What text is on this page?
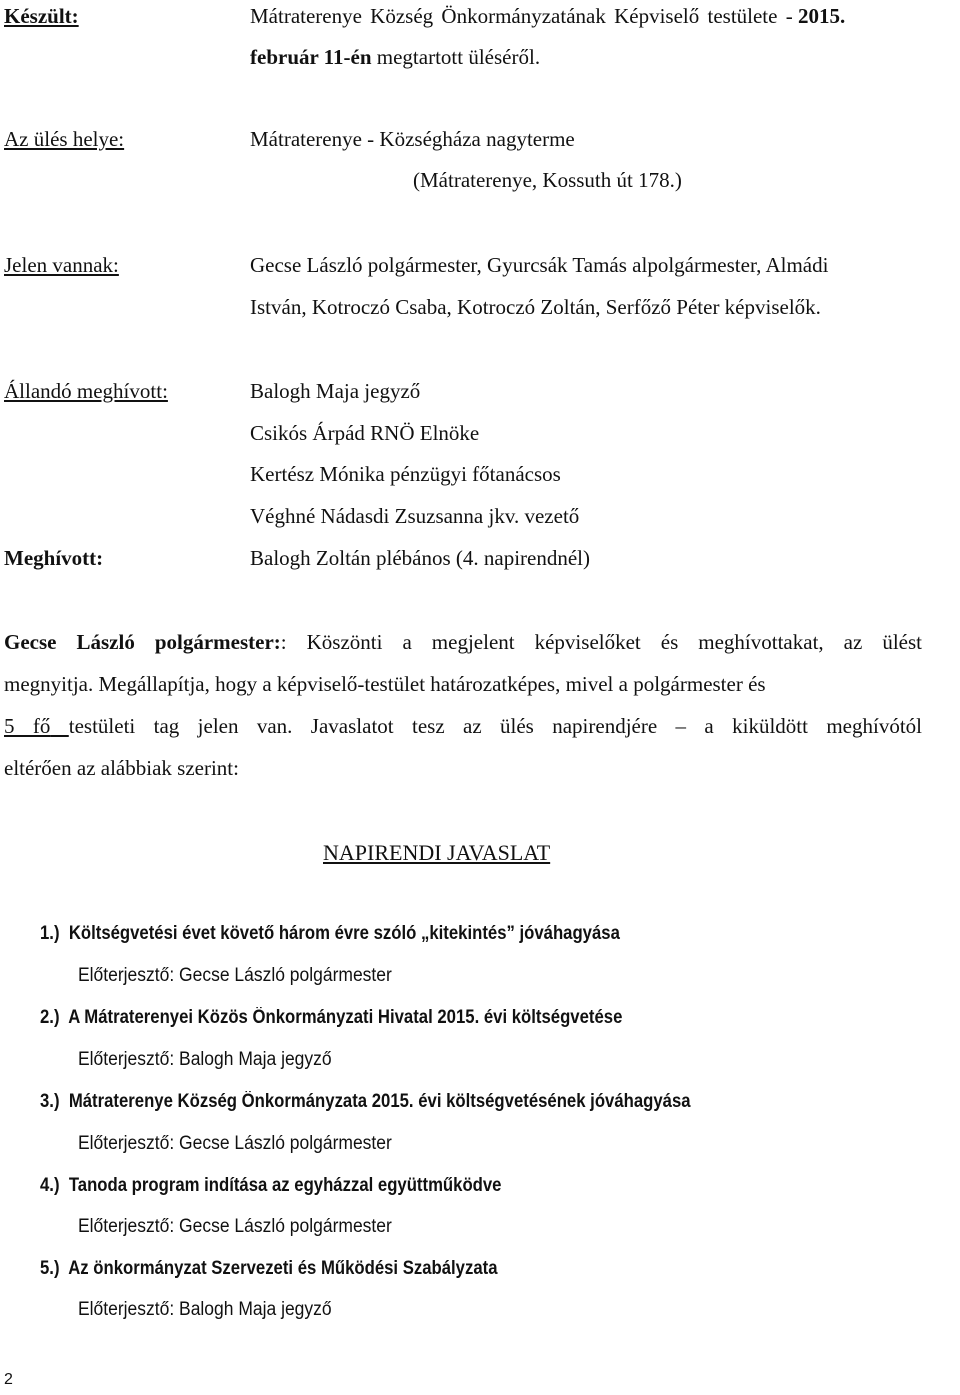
Készült:	Mátraterenye Község Önkormányzatának Képviselő testülete - 2015.
február 11-én megtartott üléséről.
Az ülés helye:	Mátraterenye - Községháza nagyterme
(Mátraterenye, Kossuth út 178.)
Jelen vannak:	Gecse László polgármester, Gyurcsák Tamás alpolgármester, Almádi
István, Kotroczó Csaba, Kotroczó Zoltán, Serfőző Péter képviselők.
Állandó meghívott:	Balogh Maja jegyző
Csikós Árpád RNÖ Elnöke
Kertész Mónika pénzügyi főtanácsos
Véghné Nádasdi Zsuzsanna jkv. vezető
Meghívott:	Balogh Zoltán plébános (4. napirendnél)
Gecse László polgármester:: Köszönti a megjelent képviselőket és meghívottakat, az ülést
megnyitja. Megállapítja, hogy a képviselő-testület határozatképes, mivel a polgármester és
5 fő testületi tag jelen van. Javaslatot tesz az ülés napirendjére – a kiküldött meghívótól
eltérően az alábbiak szerint:
NAPIRENDI JAVASLAT
1.) Költségvetési évet követő három évre szóló „kitekintés” jóváhagyása
Előterjesztő: Gecse László polgármester
2.) A Mátraterenyei Közös Önkormányzati Hivatal 2015. évi költségvetése
Előterjesztő: Balogh Maja jegyző
3.) Mátraterenye Község Önkormányzata 2015. évi költségvetésének jóváhagyása
Előterjesztő: Gecse László polgármester
4.) Tanoda program indítása az egyházzal együttműködve
Előterjesztő: Gecse László polgármester
5.) Az önkormányzat Szervezeti és Működési Szabályzata
Előterjesztő: Balogh Maja jegyző
2
